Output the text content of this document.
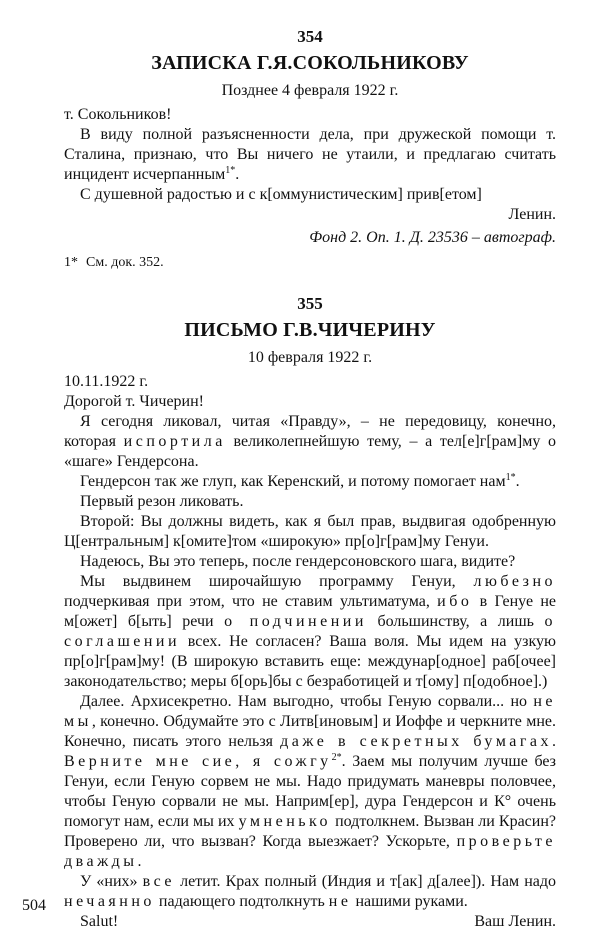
354
ЗАПИСКА Г.Я.СОКОЛЬНИКОВУ
Позднее 4 февраля 1922 г.

т. Сокольников!

В виду полной разъясненности дела, при дружеской помощи т. Сталина, признаю, что Вы ничего не утаили, и предлагаю считать инцидент исчерпанным$^{1*}$.

С душевной радостью и с к[оммунистическим] прив[етом]

Ленин.

Фонд 2. Оп. 1. Д. 23536 – автограф.

1* См. док. 352.

355
ПИСЬМО Г.В.ЧИЧЕРИНУ
10 февраля 1922 г.

10.11.1922 г.

Дорогой т. Чичерин!

Я сегодня ликовал, читая «Правду», – не передовицу, конечно, которая испортила великолепнейшую тему, – а тел[е]г[рам]му о «шаге» Гендерсона.

Гендерсон так же глуп, как Керенский, и потому помогает нам$^{1*}$.

Первый резон ликовать.

Второй: Вы должны видеть, как я был прав, выдвигая одобренную Ц[ентральным] к[омите]том «широкую» пр[о]г[рам]му Генуи.

Надеюсь, Вы это теперь, после гендерсоновского шага, видите?

Мы выдвинем широчайшую программу Генуи, любезно подчеркивая при этом, что не ставим ультиматума, ибо в Генуе не м[ожет] б[ыть] речи о подчинении большинству, а лишь о соглашении всех. Не согласен? Ваша воля. Мы идем на узкую пр[о]г[рам]му! (В широкую вставить еще: междунар[одное] раб[очее] законодательство; меры б[орь]бы с безработицей и т[ому] п[одобное].)

Далее. Архисекретно. Нам выгодно, чтобы Геную сорвали... но не мы, конечно. Обдумайте это с Литв[иновым] и Иоффе и черкните мне. Конечно, писать этого нельзя даже в секретных бумагах. Верните мне сие, я сожгу$^{2*}$. Заем мы получим лучше без Генуи, если Геную сорвем не мы. Надо придумать маневры половчее, чтобы Геную сорвали не мы. Наприм[ер], дура Гендерсон и К° очень помогут нам, если мы их умненько подтолкнем. Вызван ли Красин? Проверено ли, что вызван? Когда выезжает? Ускорьте, проверьте дважды.

У «них» все летит. Крах полный (Индия и т[ак] д[алее]). Нам надо нечаянно падающего подтолкнуть не нашими руками.

Salut!	Ваш Ленин.
504
